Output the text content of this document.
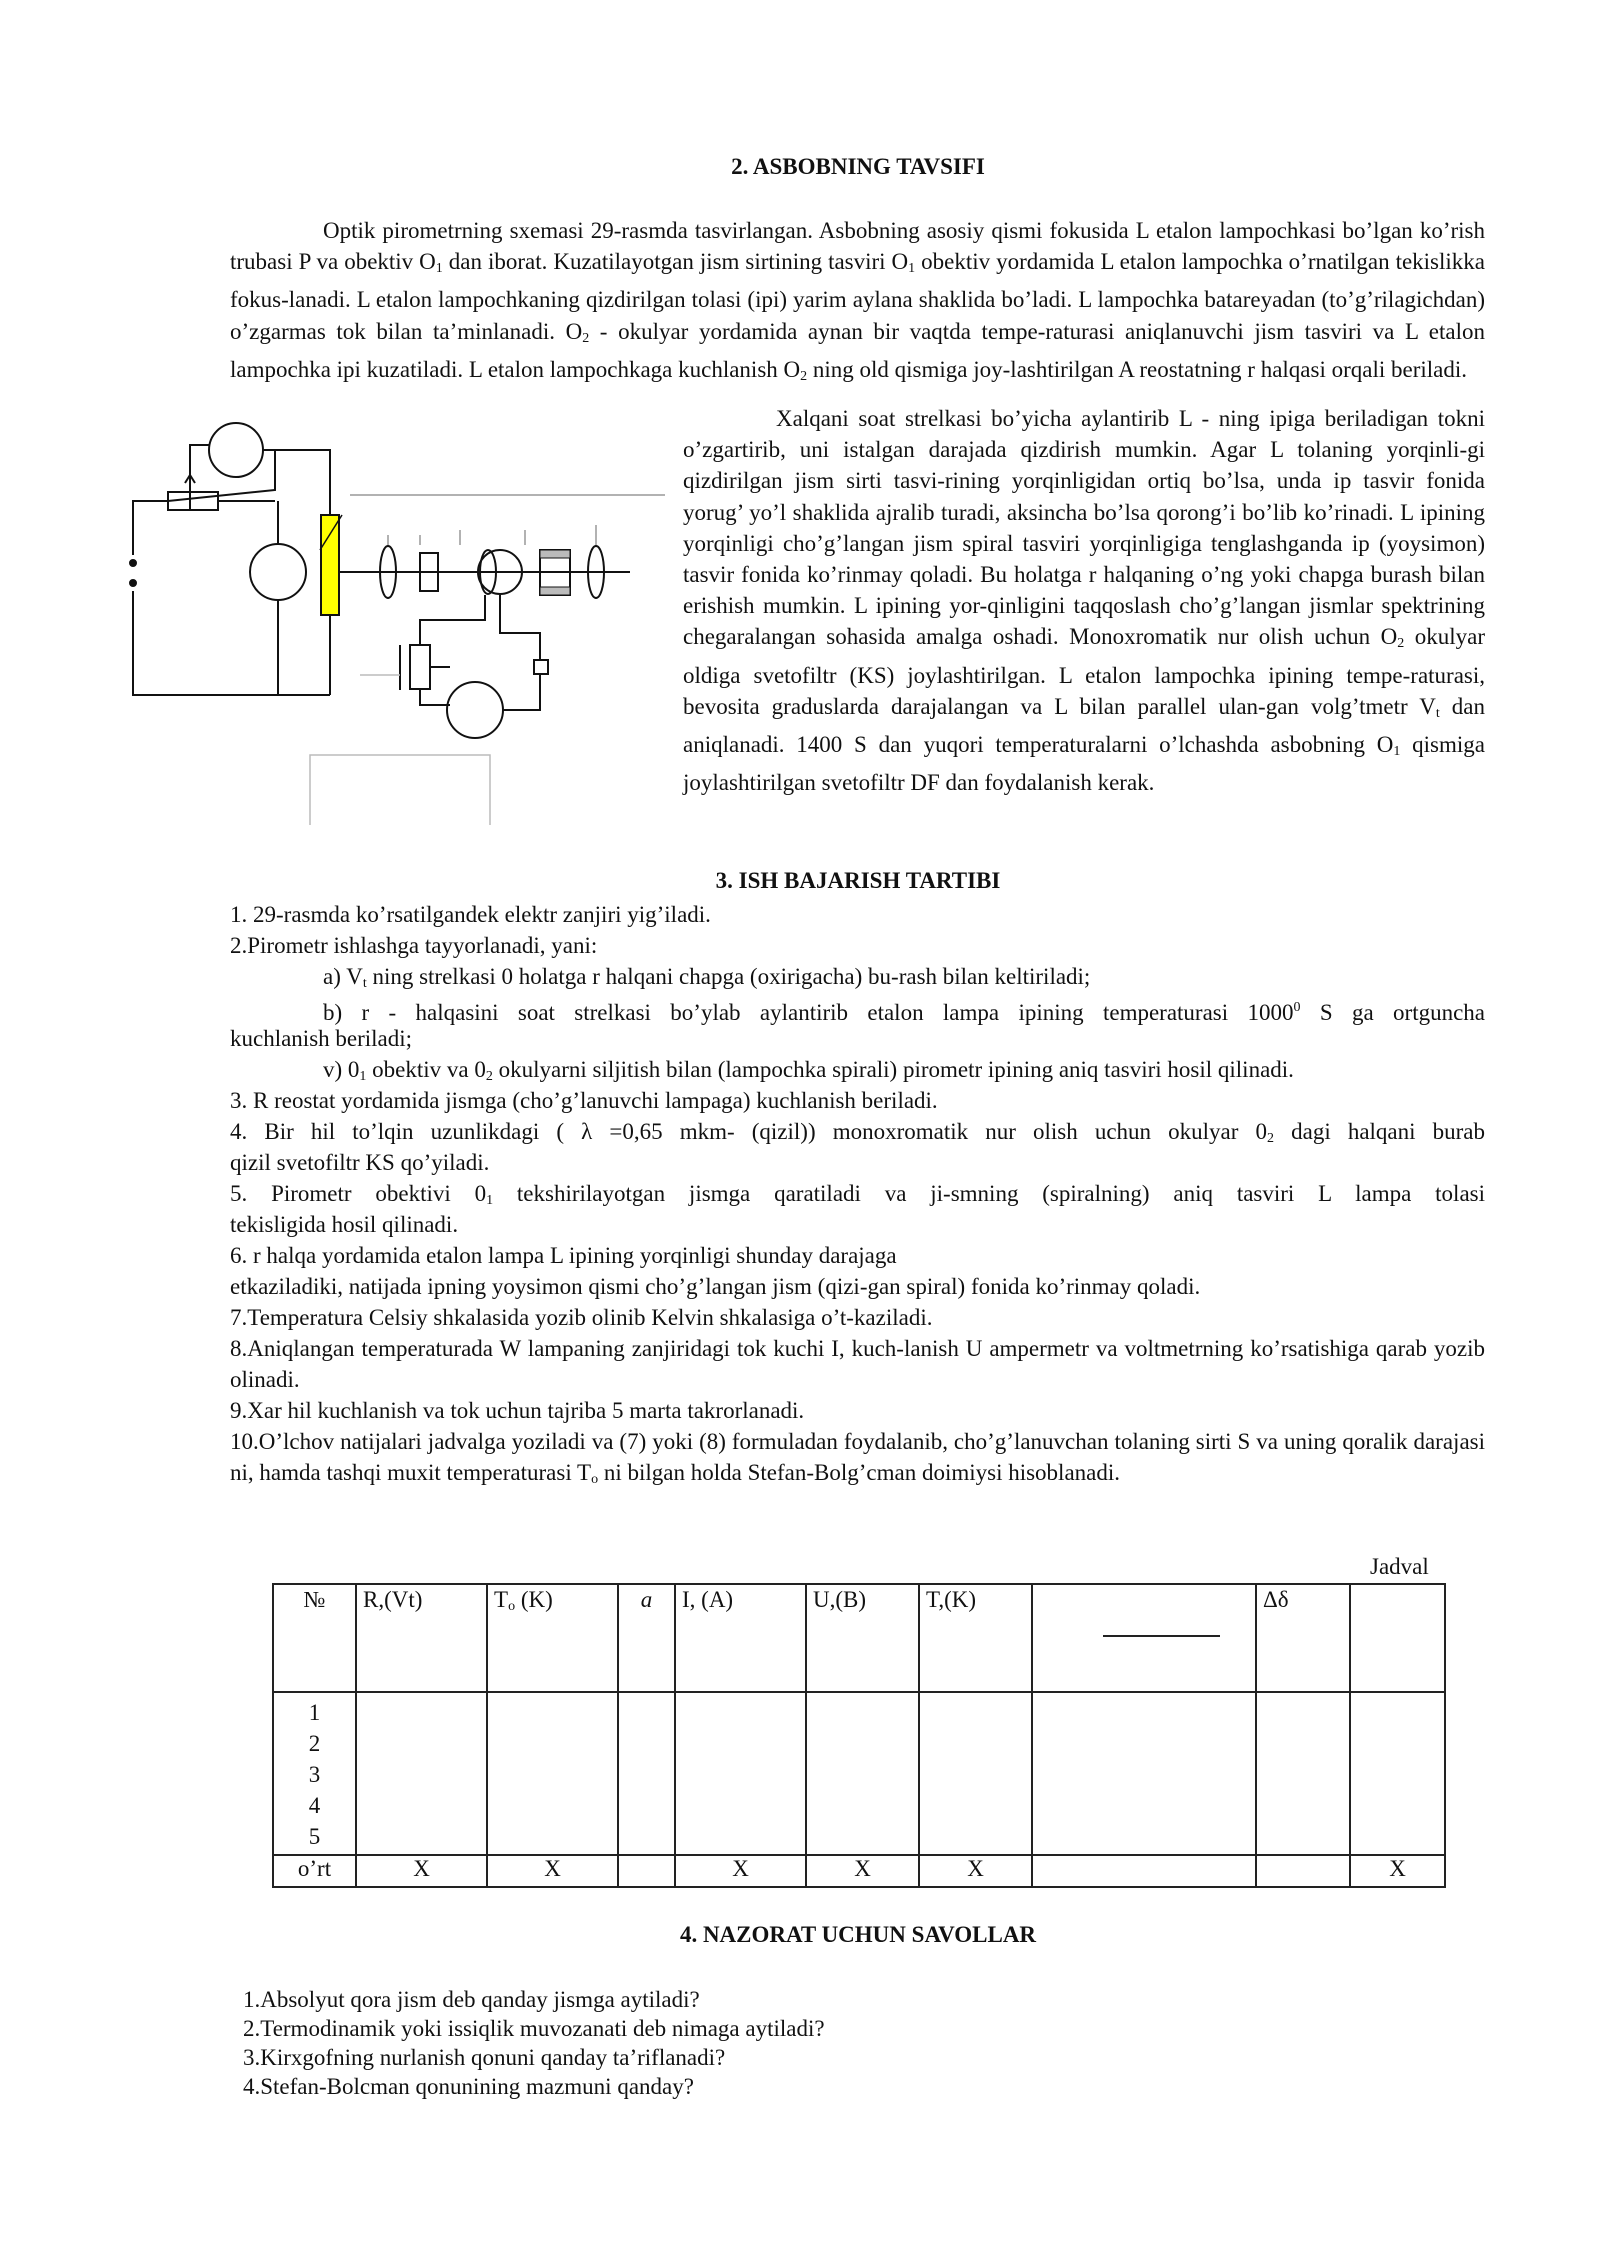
2. ASBOBNING TAVSIFI

Optik pirometrning sxemasi 29-rasmda tasvirlangan. Asbobning asosiy qismi fokusida L etalon lampochkasi bo’lgan ko’rish trubasi P va obektiv $O_1$ dan iborat. Kuzatilayotgan jism sirtining tasviri $O_1$ obektiv yordamida L etalon lampochka o’rnatilgan tekislikka fokus-lanadi. L etalon lampochkaning qizdirilgan tolasi (ipi) yarim aylana shaklida bo’ladi. L lampochka batareyadan (to’g’rilagichdan) o’zgarmas tok bilan ta’minlanadi. $O_2$ - okulyar yordamida aynan bir vaqtda tempe-raturasi aniqlanuvchi jism tasviri va L etalon lampochka ipi kuzatiladi. L etalon lampochkaga kuchlanish $O_2$ ning old qismiga joy-lashtirilgan A reostatning r halqasi orqali beriladi.

Xalqani soat strelkasi bo’yicha aylantirib L - ning ipiga beriladigan tokni o’zgartirib, uni istalgan darajada qizdirish mumkin. Agar L tolaning yorqinli-gi qizdirilgan jism sirti tasvi-rining yorqinligidan ortiq bo’lsa, unda ip tasvir fonida yorug’ yo’l shaklida ajralib turadi, aksincha bo’lsa qorong’i bo’lib ko’rinadi. L ipining yorqinligi cho’g’langan jism spiral tasviri yorqinligiga tenglashganda ip (yoysimon) tasvir fonida ko’rinmay qoladi. Bu holatga r halqaning o’ng yoki chapga burash bilan erishish mumkin. L ipining yor-qinligini taqqoslash cho’g’langan jismlar spektrining chegaralangan sohasida amalga oshadi. Monoxromatik nur olish uchun $O_2$ okulyar oldiga svetofiltr (KS) joylashtirilgan. L etalon lampochka ipining tempe-raturasi, bevosita graduslarda darajalangan va L bilan parallel ulan-gan volg’tmetr $V_t$ dan aniqlanadi. 1400 S dan yuqori temperaturalarni o’lchashda asbobning $O_1$ qismiga joylashtirilgan svetofiltr DF dan foydalanish kerak.

3. ISH BAJARISH TARTIBI

1. 29-rasmda ko’rsatilgandek elektr zanjiri yig’iladi.

2.Pirometr ishlashga tayyorlanadi, yani:

a) $V_t$ ning strelkasi 0 holatga r halqani chapga (oxirigacha) bu-rash bilan keltiriladi;

b) r - halqasini soat strelkasi bo’ylab aylantirib etalon lampa ipining temperaturasi 1000$^0$ S ga ortguncha

kuchlanish beriladi;

v) $0_1$ obektiv va $0_2$ okulyarni siljitish bilan (lampochka spirali) pirometr ipining aniq tasviri hosil qilinadi.

3. R reostat yordamida jismga (cho’g’lanuvchi lampaga) kuchlanish beriladi.

4. Bir hil to’lqin uzunlikdagi ( λ =0,65 mkm- (qizil)) monoxromatik nur olish uchun okulyar $0_2$ dagi halqani burab

qizil svetofiltr KS qo’yiladi.

5. Pirometr obektivi $0_1$ tekshirilayotgan jismga qaratiladi va ji-smning (spiralning) aniq tasviri L lampa tolasi

tekisligida hosil qilinadi.

6. r halqa yordamida etalon lampa L ipining yorqinligi shunday darajaga

etkaziladiki, natijada ipning yoysimon qismi cho’g’langan jism (qizi-gan spiral) fonida ko’rinmay qoladi.

7.Temperatura Celsiy shkalasida yozib olinib Kelvin shkalasiga o’t-kaziladi.

8.Aniqlangan temperaturada W lampaning zanjiridagi tok kuchi I, kuch-lanish U ampermetr va voltmetrning ko’rsatishiga qarab yozib olinadi.

9.Xar hil kuchlanish va tok uchun tajriba 5 marta takrorlanadi.

10.O’lchov natijalari jadvalga yoziladi va (7) yoki (8) formuladan foydalanib, cho’g’lanuvchan tolaning sirti S va uning qoralik darajasi ni, hamda tashqi muxit temperaturasi $T_o$ ni bilgan holda Stefan-Bolg’cman doimiysi hisoblanadi.

Jadval

№	R,(Vt)	$T_o$ (K)	a	I, (A)	U,(B)	T,(K)		Δδ	

1
2
3
4
5									

o’rt	X	X		X	X	X			X
4. NAZORAT UCHUN SAVOLLAR

1.Absolyut qora jism deb qanday jismga aytiladi?

2.Termodinamik yoki issiqlik muvozanati deb nimaga aytiladi?

3.Kirxgofning nurlanish qonuni qanday ta’riflanadi?

4.Stefan-Bolcman qonunining mazmuni qanday?
